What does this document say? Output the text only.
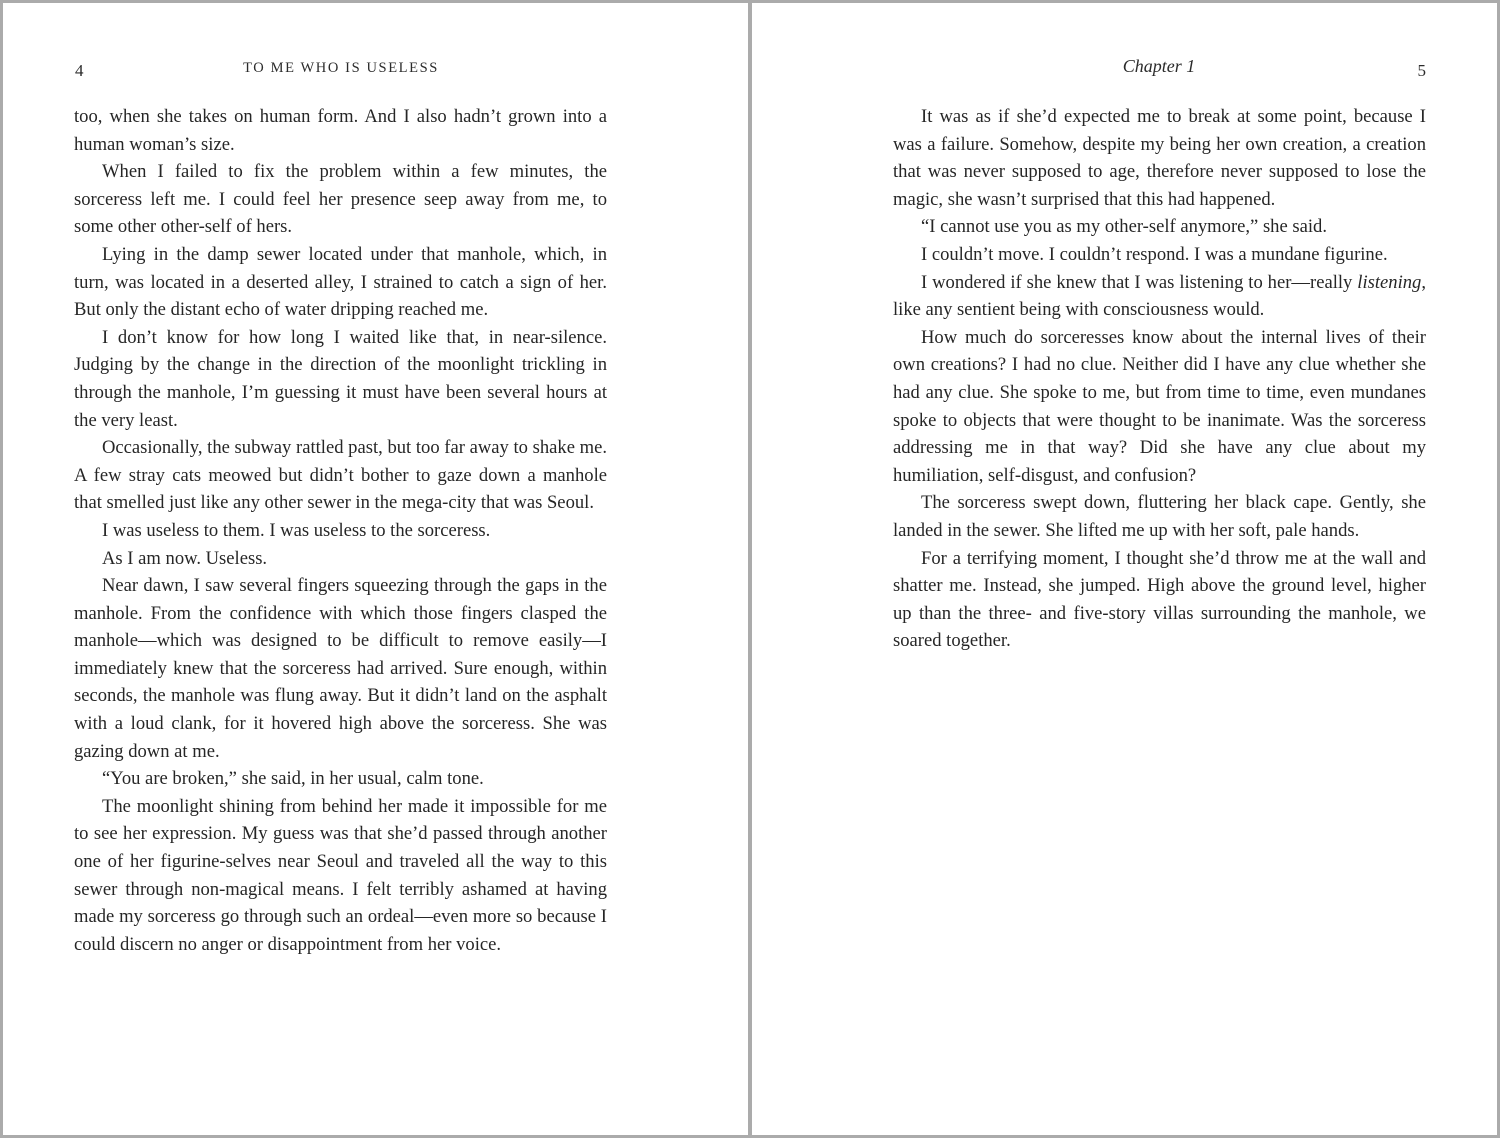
4	TO ME WHO IS USELESS

too, when she takes on human form. And I also hadn’t grown into a human woman’s size.

When I failed to fix the problem within a few minutes, the sorceress left me. I could feel her presence seep away from me, to some other other-self of hers.

Lying in the damp sewer located under that manhole, which, in turn, was located in a deserted alley, I strained to catch a sign of her. But only the distant echo of water dripping reached me.

I don’t know for how long I waited like that, in near-silence. Judging by the change in the direction of the moonlight trickling in through the manhole, I’m guessing it must have been several hours at the very least.

Occasionally, the subway rattled past, but too far away to shake me. A few stray cats meowed but didn’t bother to gaze down a manhole that smelled just like any other sewer in the mega-city that was Seoul.

I was useless to them. I was useless to the sorceress.

As I am now. Useless.

Near dawn, I saw several fingers squeezing through the gaps in the manhole. From the confidence with which those fingers clasped the manhole—which was designed to be difficult to remove easily—I immediately knew that the sorceress had arrived. Sure enough, within seconds, the manhole was flung away. But it didn’t land on the asphalt with a loud clank, for it hovered high above the sorceress. She was gazing down at me.

“You are broken,” she said, in her usual, calm tone.

The moonlight shining from behind her made it impossible for me to see her expression. My guess was that she’d passed through another one of her figurine-selves near Seoul and traveled all the way to this sewer through non-magical means. I felt terribly ashamed at having made my sorceress go through such an ordeal—even more so because I could discern no anger or disappointment from her voice.

Chapter 1	5

It was as if she’d expected me to break at some point, because I was a failure. Somehow, despite my being her own creation, a creation that was never supposed to age, therefore never supposed to lose the magic, she wasn’t surprised that this had happened.

“I cannot use you as my other-self anymore,” she said.

I couldn’t move. I couldn’t respond. I was a mundane figurine.

I wondered if she knew that I was listening to her—really listening, like any sentient being with consciousness would.

How much do sorceresses know about the internal lives of their own creations? I had no clue. Neither did I have any clue whether she had any clue. She spoke to me, but from time to time, even mundanes spoke to objects that were thought to be inanimate. Was the sorceress addressing me in that way? Did she have any clue about my humiliation, self-disgust, and confusion?

The sorceress swept down, fluttering her black cape. Gently, she landed in the sewer. She lifted me up with her soft, pale hands.

For a terrifying moment, I thought she’d throw me at the wall and shatter me. Instead, she jumped. High above the ground level, higher up than the three- and five-story villas surrounding the manhole, we soared together.
